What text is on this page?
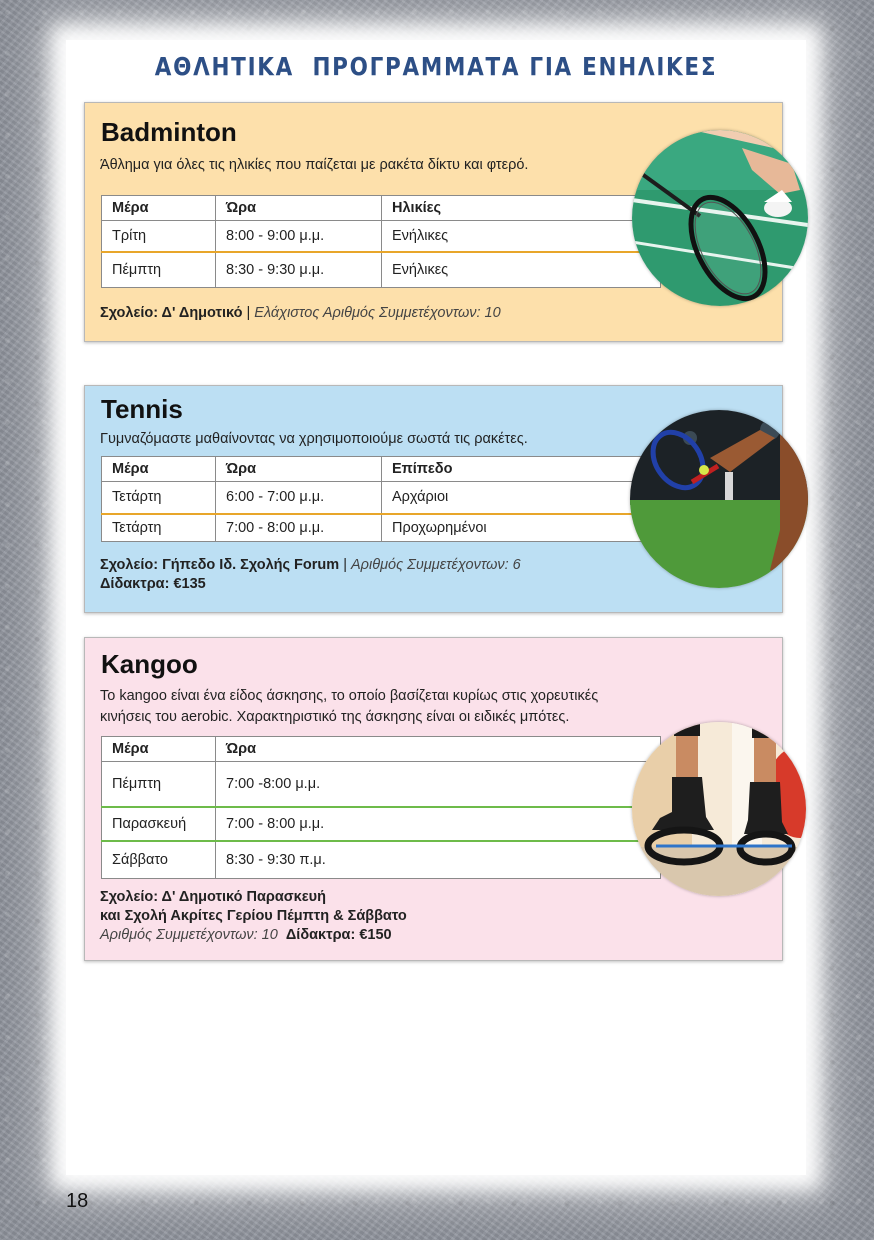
ΑΘΛΗΤΙΚΑ  ΠΡΟΓΡΑΜΜΑΤΑ ΓΙΑ ΕΝΗΛΙΚΕΣ
Badminton
Άθλημα για όλες τις ηλικίες που παίζεται με ρακέτα δίκτυ και φτερό.
Μέρα	Ώρα	Ηλικίες
Τρίτη	8:00 - 9:00 μ.μ.	Ενήλικες
Πέμπτη	8:30 - 9:30 μ.μ.	Ενήλικες
Σχολείο: Δ' Δημοτικό | Ελάχιστος Αριθμός Συμμετέχοντων: 10
Tennis
Γυμναζόμαστε μαθαίνοντας να χρησιμοποιούμε σωστά τις ρακέτες.
Μέρα	Ώρα	Επίπεδο
Τετάρτη	6:00 - 7:00 μ.μ.	Αρχάριοι
Τετάρτη	7:00 - 8:00 μ.μ.	Προχωρημένοι
Σχολείο: Γήπεδο Ιδ. Σχολής Forum | Αριθμός Συμμετέχοντων: 6
Δίδακτρα: €135
Kangoo
Το kangoo είναι ένα είδος άσκησης, το οποίο βασίζεται κυρίως στις χορευτικές
κινήσεις του aerobic. Χαρακτηριστικό της άσκησης είναι οι ειδικές μπότες.
Μέρα	Ώρα
Πέμπτη	7:00 -8:00 μ.μ.
Παρασκευή	7:00 - 8:00 μ.μ.
Σάββατο	8:30 - 9:30 π.μ.
Σχολείο: Δ' Δημοτικό Παρασκευή
και Σχολή Ακρίτες Γερίου Πέμπτη & Σάββατο
Αριθμός Συμμετέχοντων: 10 Δίδακτρα: €150
18
